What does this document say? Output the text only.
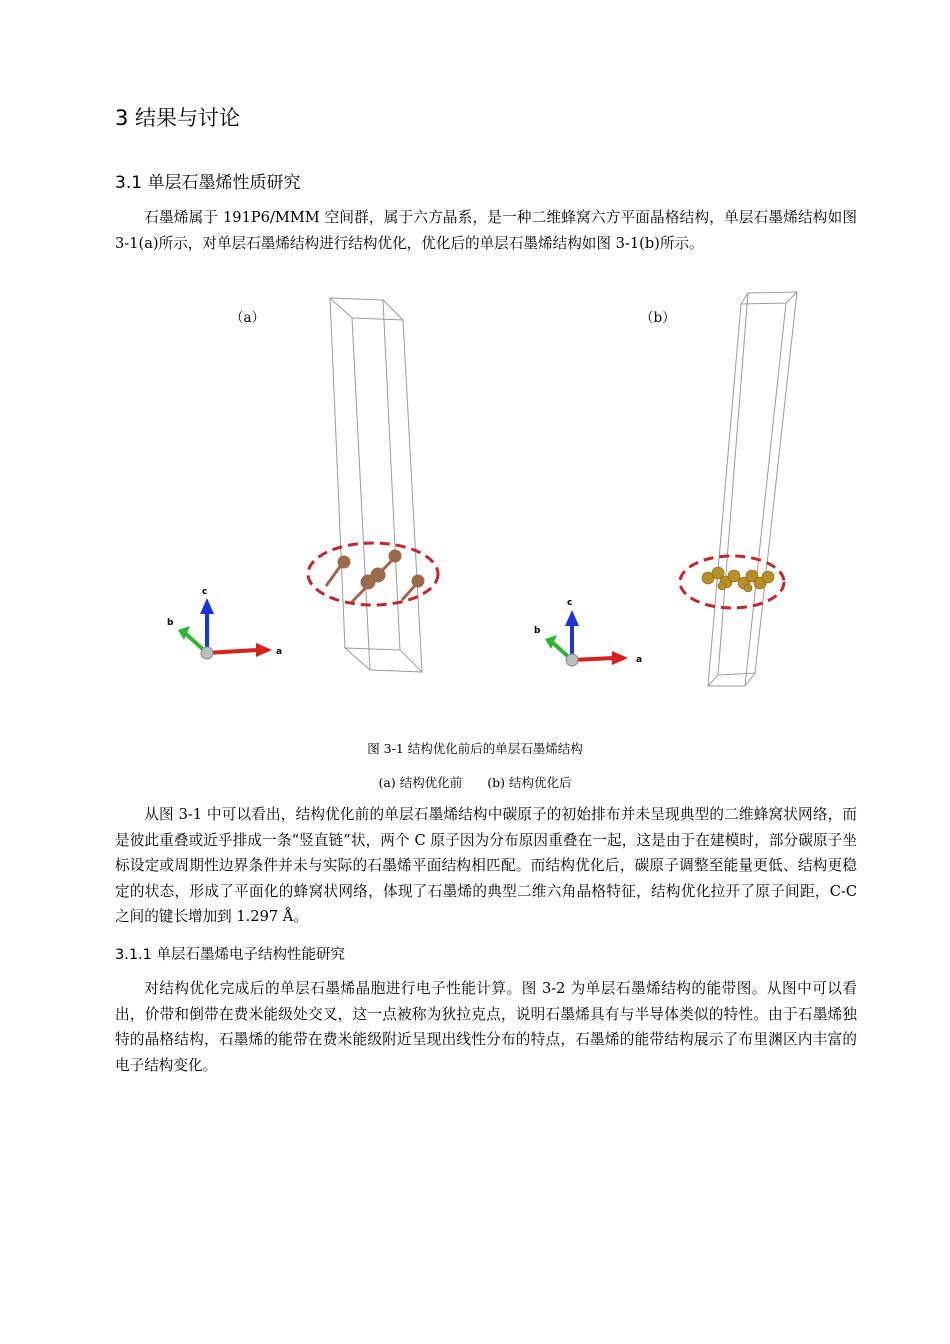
3 结果与讨论
3.1 单层石墨烯性质研究

石墨烯属于 191P6/MMM 空间群，属于六方晶系，是一种二维蜂窝六方平面晶格结构，单层石墨烯结构如图 3-1(a)所示，对单层石墨烯结构进行结构优化，优化后的单层石墨烯结构如图 3-1(b)所示。

（a）	（b）
a
c
b
a
c
b
图 3-1 结构优化前后的单层石墨烯结构
(a) 结构优化前　　(b) 结构优化后

从图 3-1 中可以看出，结构优化前的单层石墨烯结构中碳原子的初始排布并未呈现典型的二维蜂窝状网络，而是彼此重叠或近乎排成一条“竖直链”状，两个 C 原子因为分布原因重叠在一起，这是由于在建模时，部分碳原子坐标设定或周期性边界条件并未与实际的石墨烯平面结构相匹配。而结构优化后，碳原子调整至能量更低、结构更稳定的状态，形成了平面化的蜂窝状网络，体现了石墨烯的典型二维六角晶格特征，结构优化拉开了原子间距，C-C 之间的键长增加到 1.297 Å。

3.1.1 单层石墨烯电子结构性能研究

对结构优化完成后的单层石墨烯晶胞进行电子性能计算。图 3-2 为单层石墨烯结构的能带图。从图中可以看出，价带和倒带在费米能级处交叉，这一点被称为狄拉克点，说明石墨烯具有与半导体类似的特性。由于石墨烯独特的晶格结构，石墨烯的能带在费米能级附近呈现出线性分布的特点，石墨烯的能带结构展示了布里渊区内丰富的电子结构变化。
